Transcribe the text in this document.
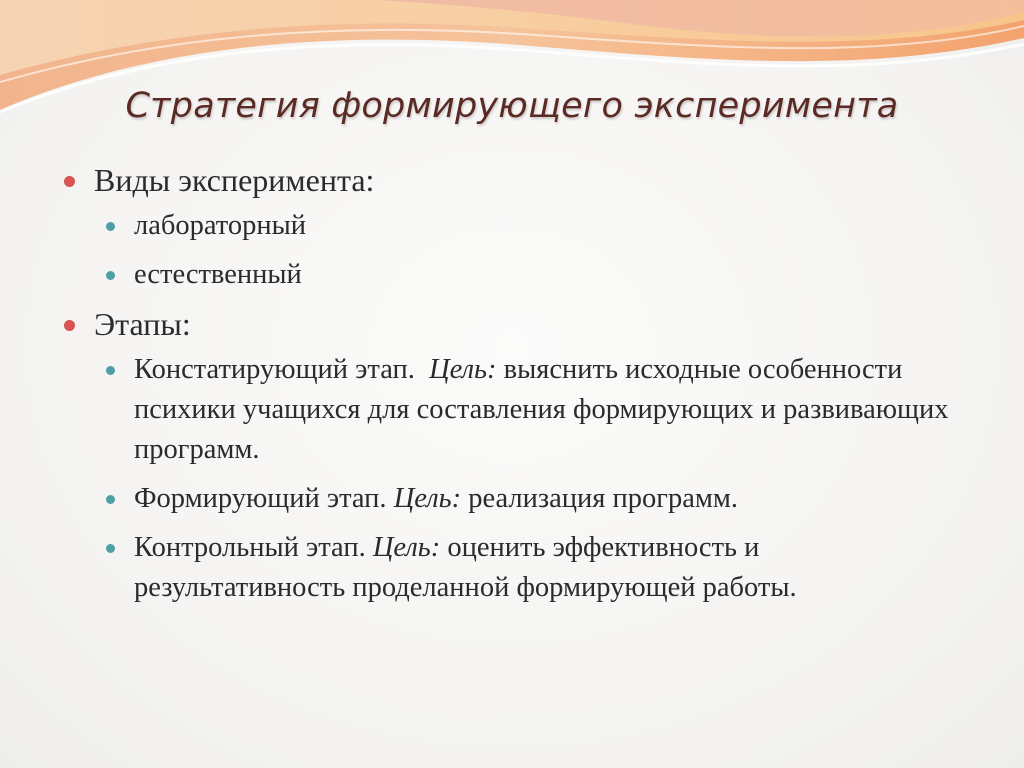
Стратегия формирующего эксперимента
Виды эксперимента:
лабораторный
естественный
Этапы:
Констатирующий этап. Цель: выяснить исходные особенности психики учащихся для составления формирующих и развивающих программ.
Формирующий этап. Цель: реализация программ.
Контрольный этап. Цель: оценить эффективность и результативность проделанной формирующей работы.
